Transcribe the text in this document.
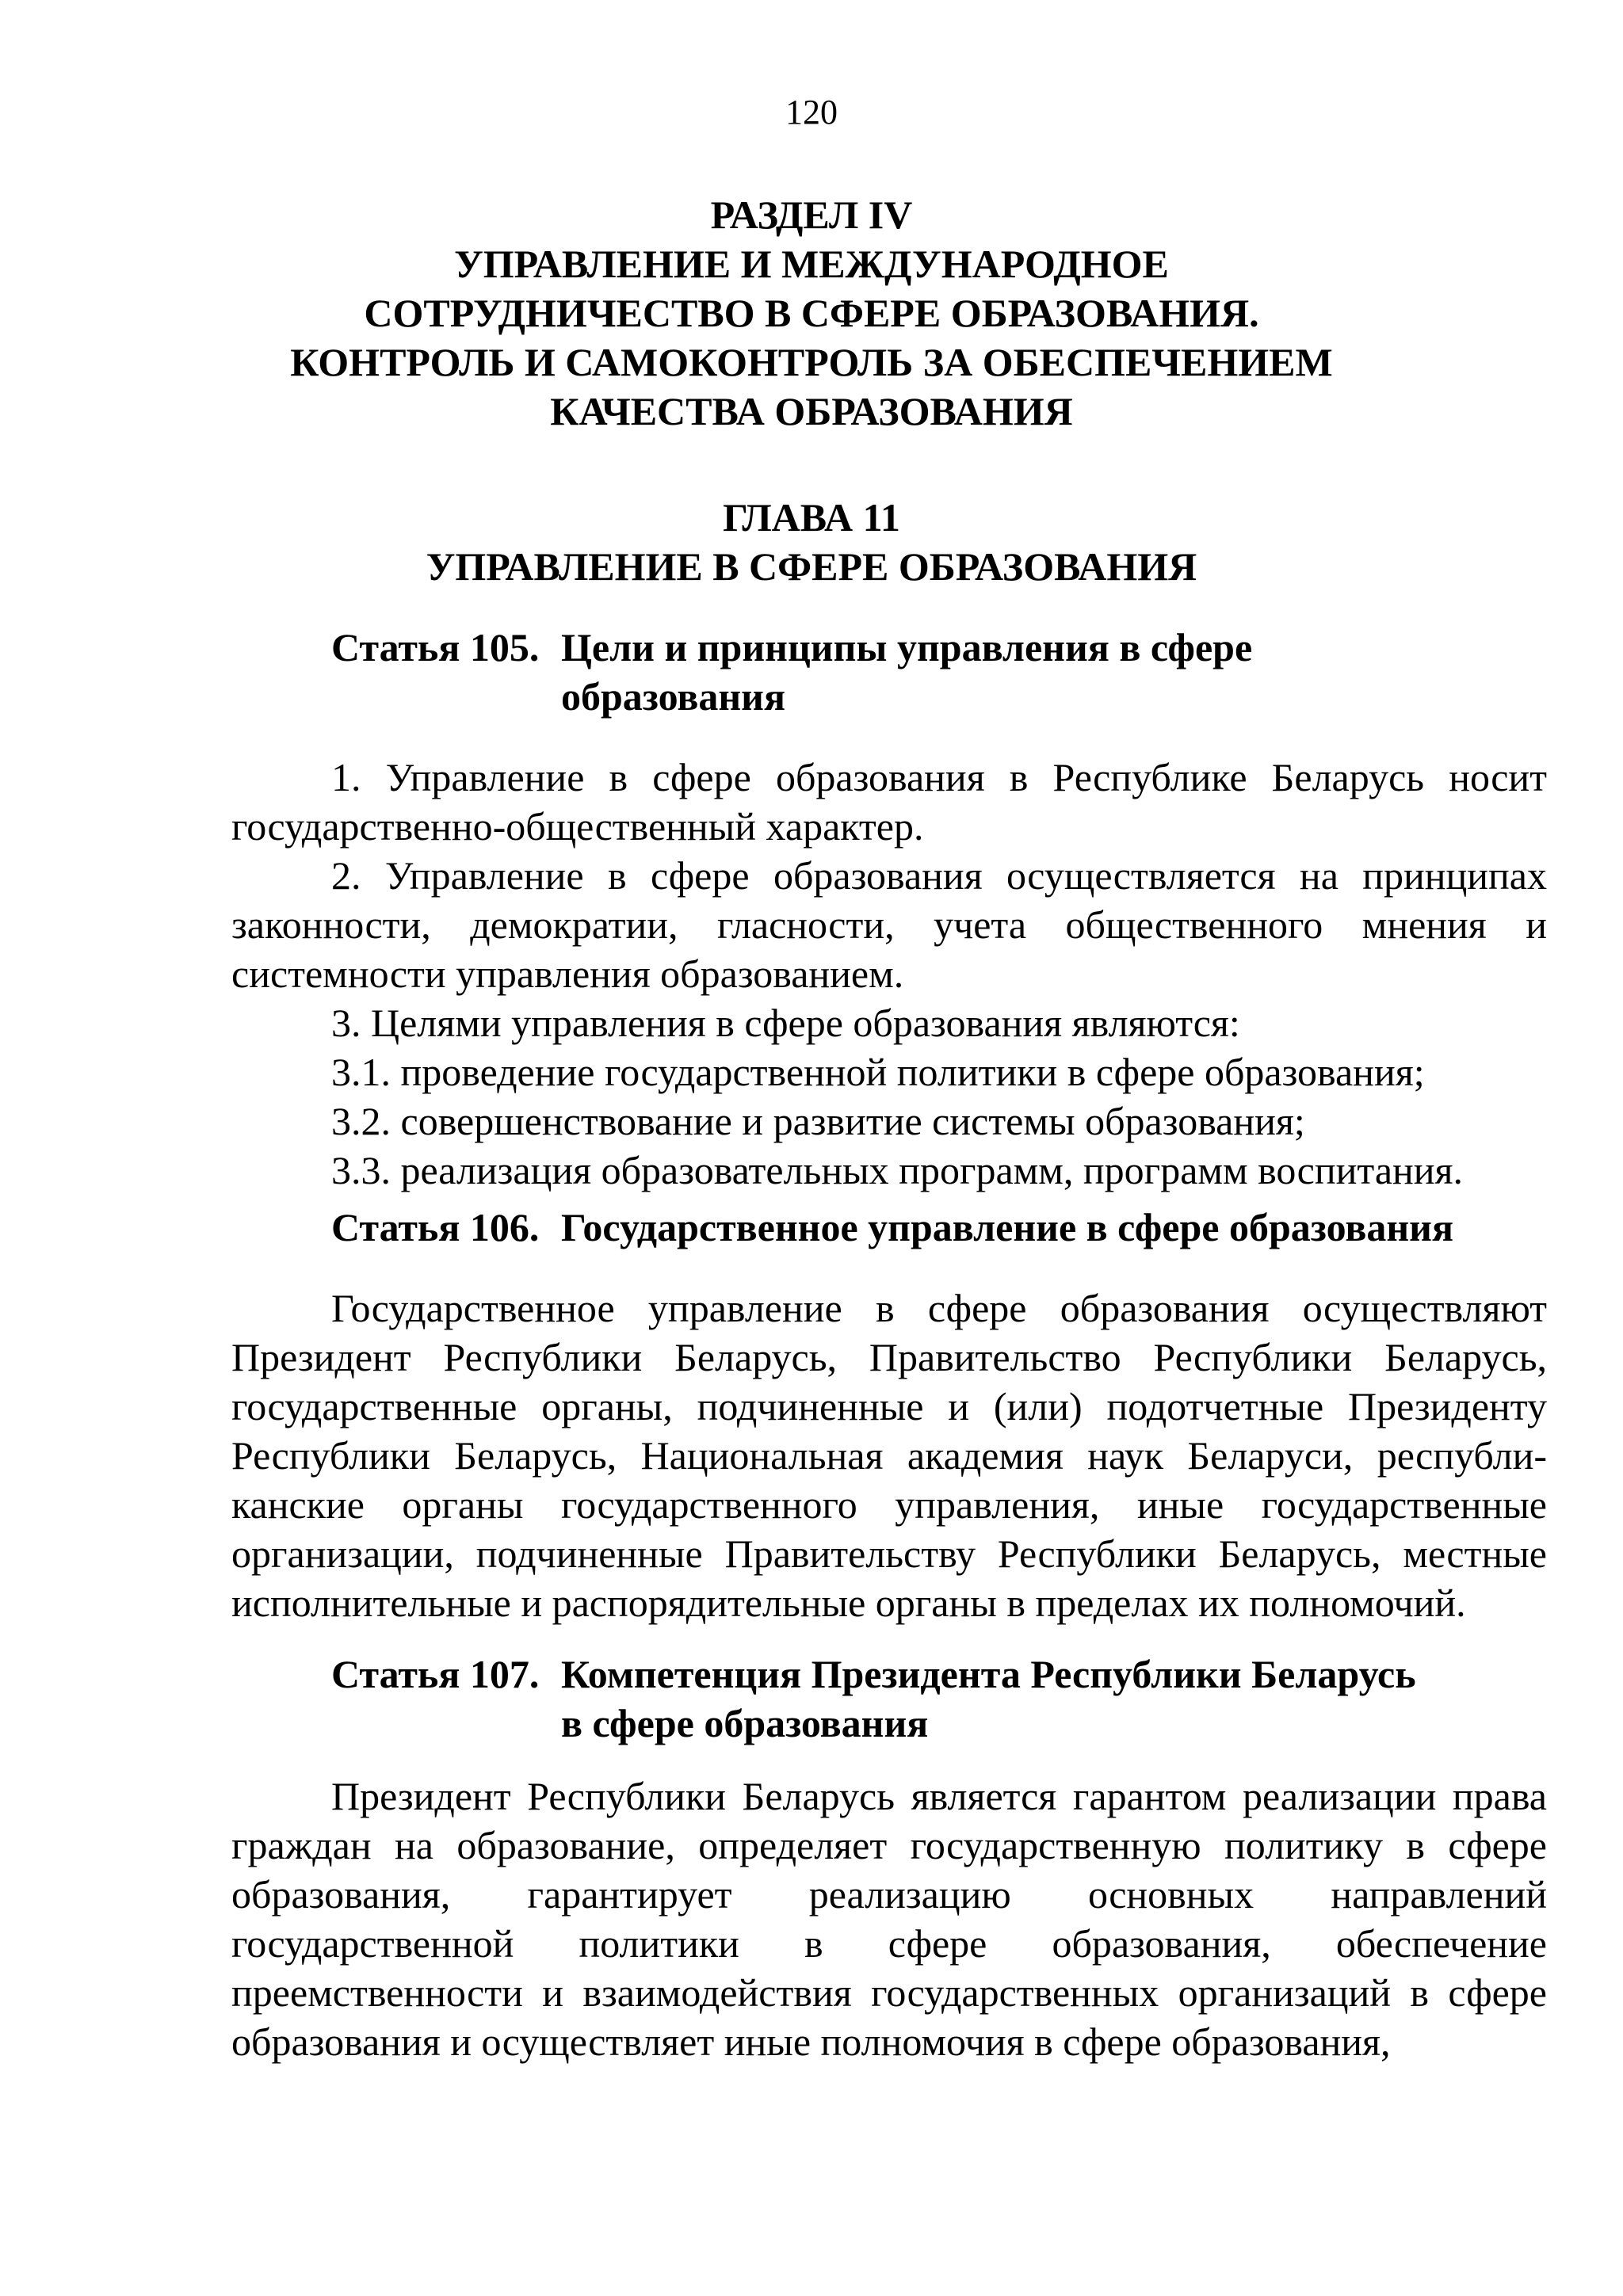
120
РАЗДЕЛ IV
УПРАВЛЕНИЕ И МЕЖДУНАРОДНОЕ
СОТРУДНИЧЕСТВО В СФЕРЕ ОБРАЗОВАНИЯ.
КОНТРОЛЬ И САМОКОНТРОЛЬ ЗА ОБЕСПЕЧЕНИЕМ
КАЧЕСТВА ОБРАЗОВАНИЯ
ГЛАВА 11
УПРАВЛЕНИЕ В СФЕРЕ ОБРАЗОВАНИЯ
Статья 105. Цели и принципы управления в сфере
образования

1. Управление в сфере образования в Республике Беларусь носит государственно-общественный характер.

2. Управление в сфере образования осуществляется на принципах законности, демократии, гласности, учета общественного мнения и системности управления образованием.

3. Целями управления в сфере образования являются:

3.1. проведение государственной политики в сфере образования;

3.2. совершенствование и развитие системы образования;

3.3. реализация образовательных программ, программ воспитания.

Статья 106. Государственное управление в сфере образования

Государственное управление в сфере образования осуществляют Президент Республики Беларусь, Правительство Республики Беларусь, государственные органы, подчиненные и (или) подотчетные Президенту Республики Беларусь, Национальная академия наук Беларуси, республиканские органы государственного управления, иные государственные организации, подчиненные Правительству Республики Беларусь, местные исполнительные и распорядительные органы в пределах их полномочий.

Статья 107. Компетенция Президента Республики Беларусь
в сфере образования

Президент Республики Беларусь является гарантом реализации права граждан на образование, определяет государственную политику в сфере образования, гарантирует реализацию основных направлений государственной политики в сфере образования, обеспечение преемственности и взаимодействия государственных организаций в сфере образования и осуществляет иные полномочия в сфере образования,
